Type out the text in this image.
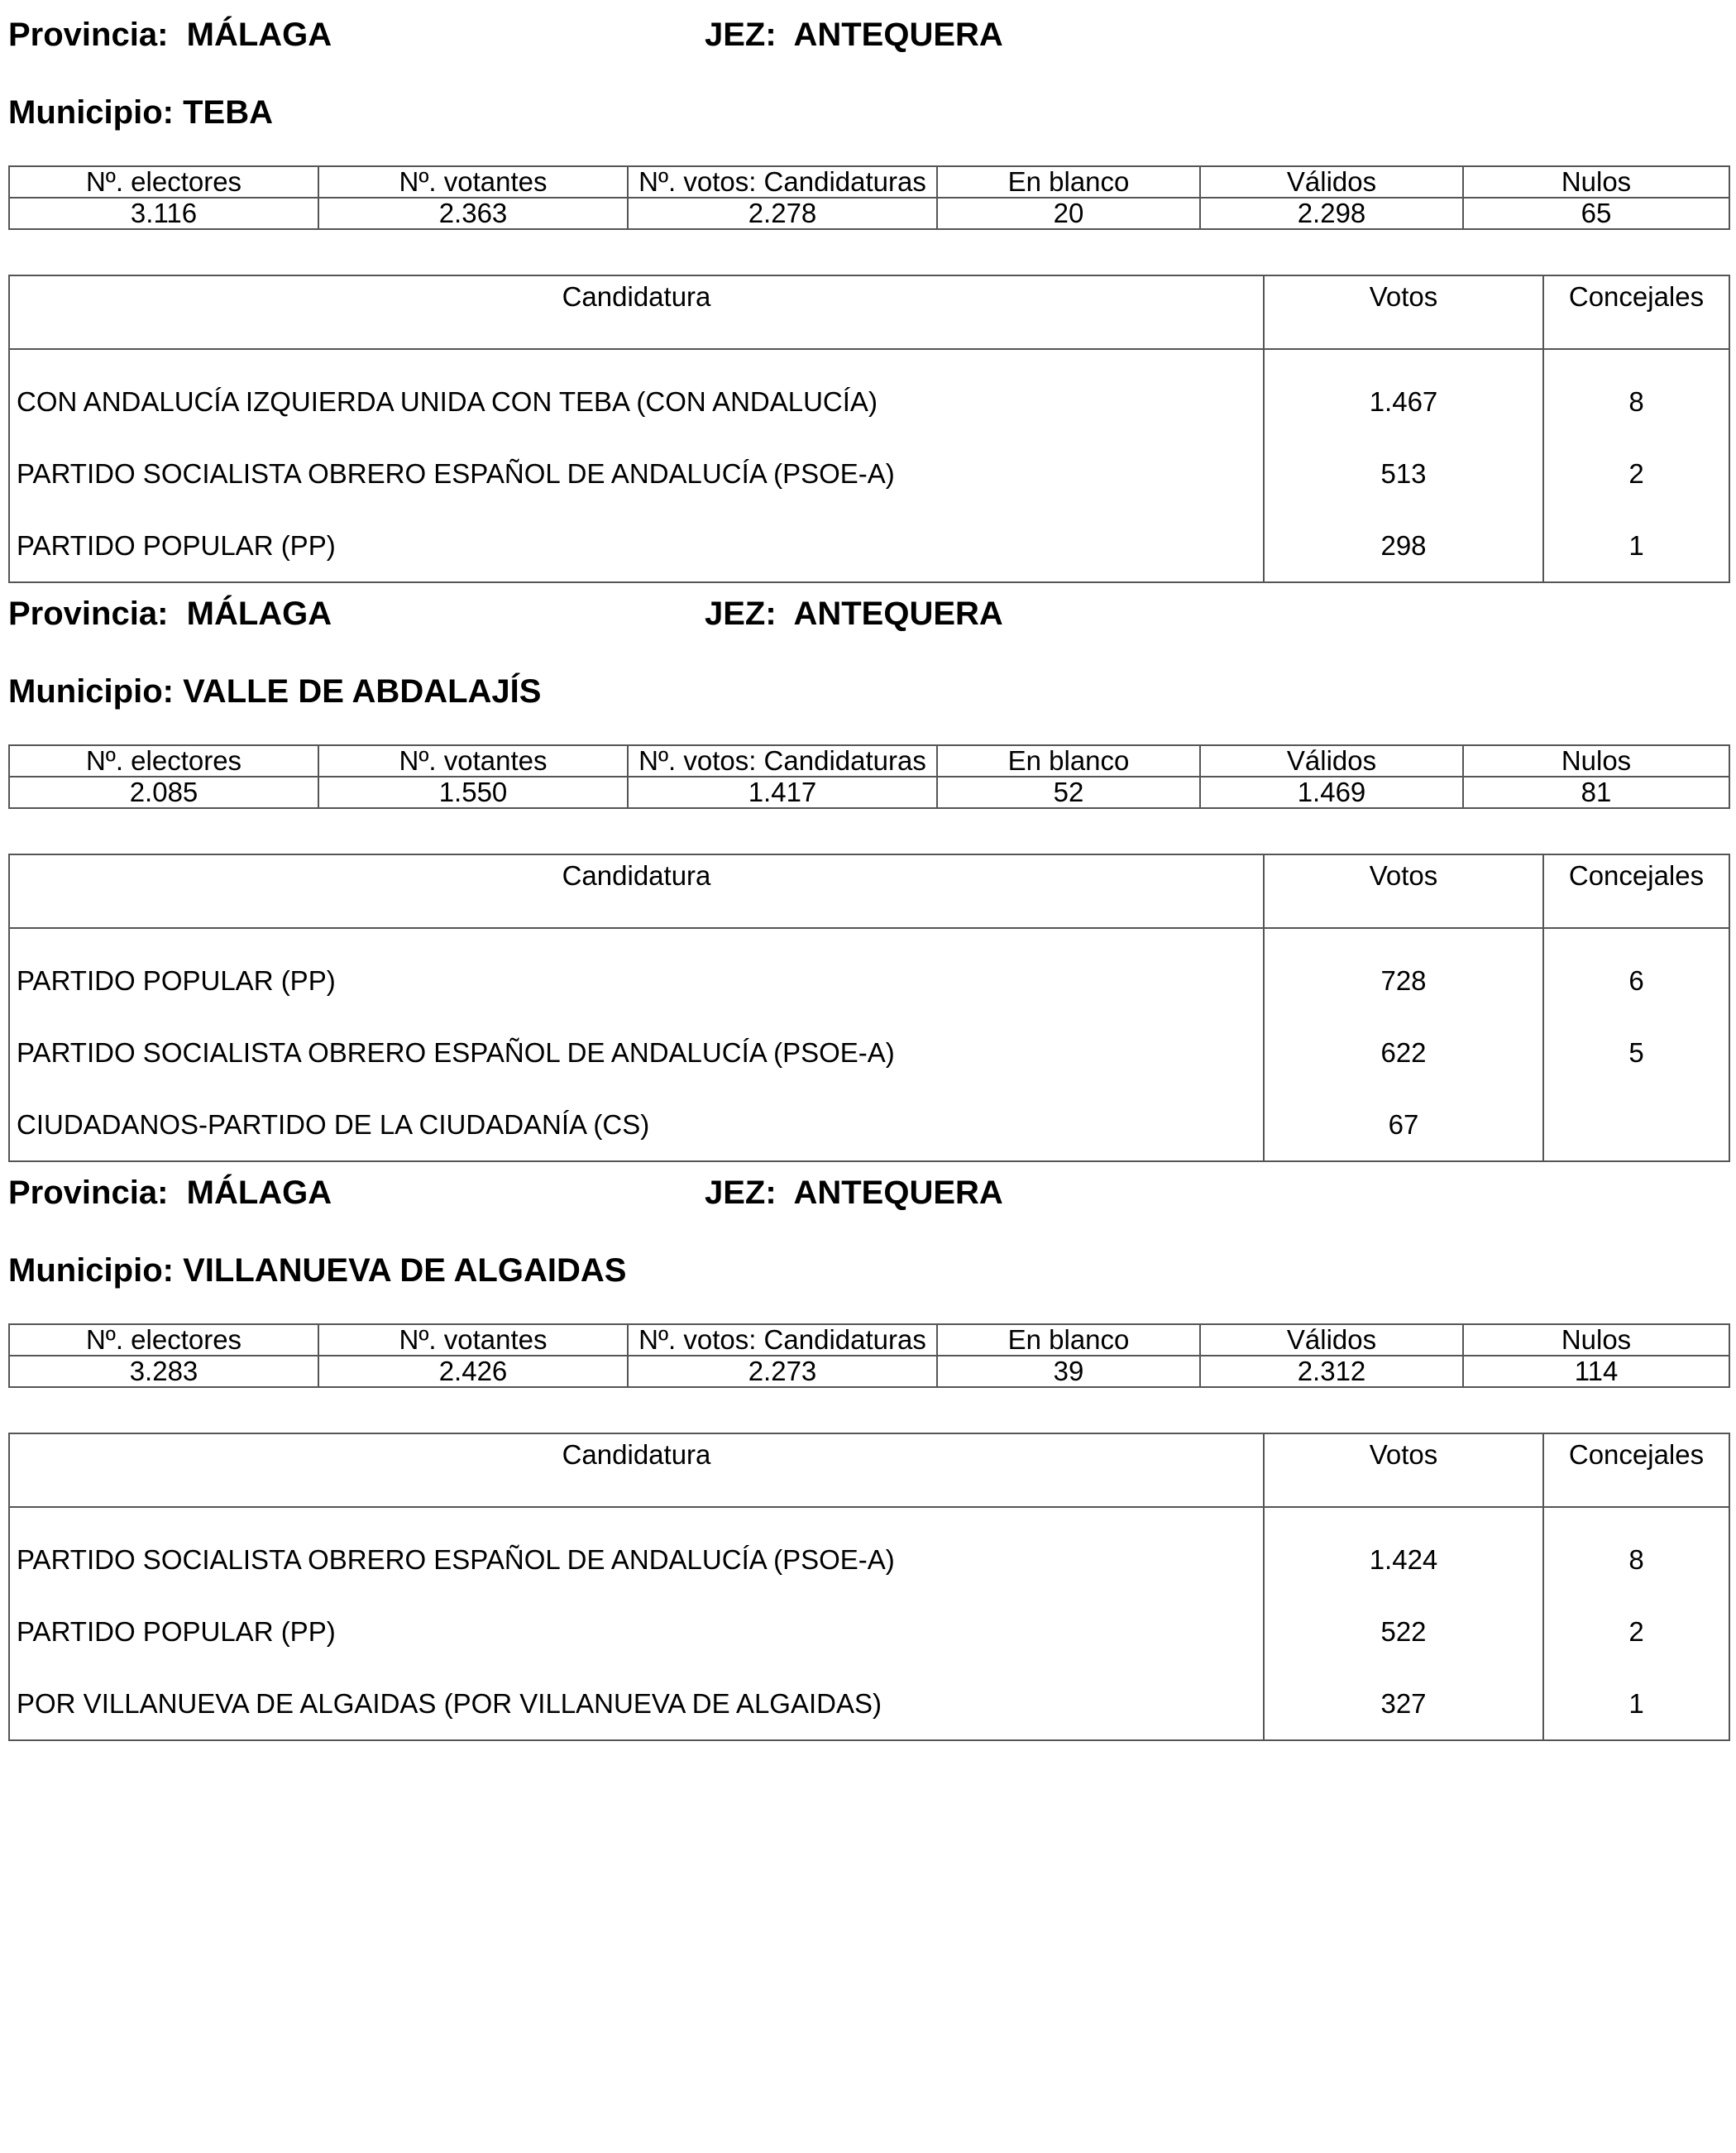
Provincia: MÁLAGA	JEZ: ANTEQUERA
Municipio: TEBA
Nº. electores	Nº. votantes	Nº. votos: Candidaturas	En blanco	Válidos	Nulos
3.116	2.363	2.278	20	2.298	65
Candidatura	Votos	Concejales
CON ANDALUCÍA IZQUIERDA UNIDA CON TEBA (CON ANDALUCÍA)	1.467	8
PARTIDO SOCIALISTA OBRERO ESPAÑOL DE ANDALUCÍA (PSOE-A)	513	2
PARTIDO POPULAR (PP)	298	1
Provincia: MÁLAGA	JEZ: ANTEQUERA
Municipio: VALLE DE ABDALAJÍS
Nº. electores	Nº. votantes	Nº. votos: Candidaturas	En blanco	Válidos	Nulos
2.085	1.550	1.417	52	1.469	81
Candidatura	Votos	Concejales
PARTIDO POPULAR (PP)	728	6
PARTIDO SOCIALISTA OBRERO ESPAÑOL DE ANDALUCÍA (PSOE-A)	622	5
CIUDADANOS-PARTIDO DE LA CIUDADANÍA (CS)	67	
Provincia: MÁLAGA	JEZ: ANTEQUERA
Municipio: VILLANUEVA DE ALGAIDAS
Nº. electores	Nº. votantes	Nº. votos: Candidaturas	En blanco	Válidos	Nulos
3.283	2.426	2.273	39	2.312	114
Candidatura	Votos	Concejales
PARTIDO SOCIALISTA OBRERO ESPAÑOL DE ANDALUCÍA (PSOE-A)	1.424	8
PARTIDO POPULAR (PP)	522	2
POR VILLANUEVA DE ALGAIDAS (POR VILLANUEVA DE ALGAIDAS)	327	1
